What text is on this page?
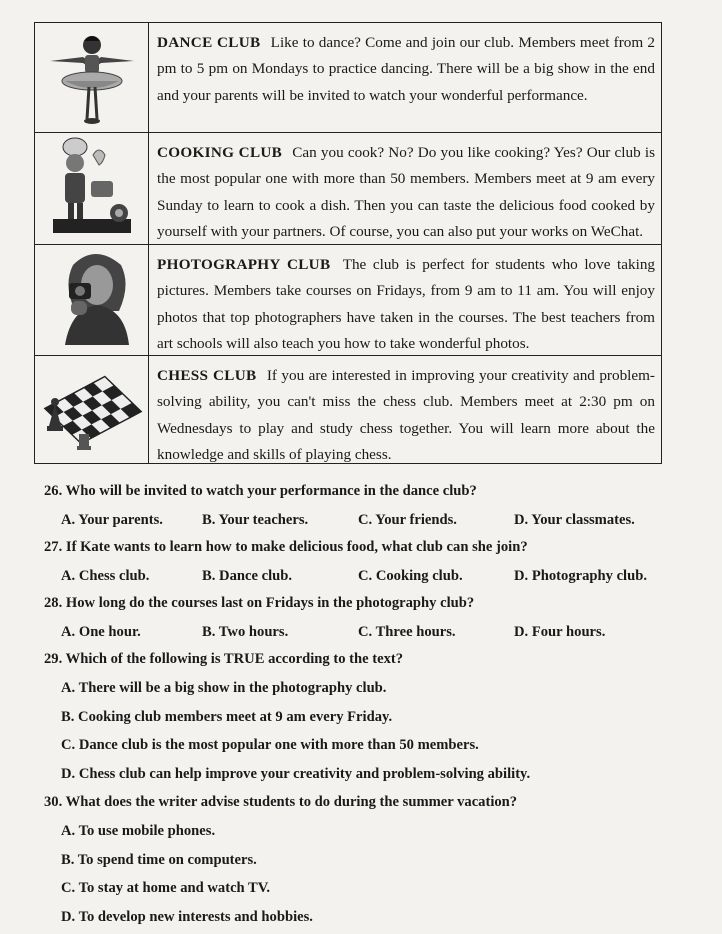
DANCE CLUB Like to dance? Come and join our club. Members meet from 2 pm to 5 pm on Mondays to practice dancing. There will be a big show in the end and your parents will be invited to watch your wonderful performance.
COOKING CLUB Can you cook? No? Do you like cooking? Yes? Our club is the most popular one with more than 50 members. Members meet at 9 am every Sunday to learn to cook a dish. Then you can taste the delicious food cooked by yourself with your partners. Of course, you can also put your works on WeChat.
PHOTOGRAPHY CLUB The club is perfect for students who love taking pictures. Members take courses on Fridays, from 9 am to 11 am. You will enjoy photos that top photographers have taken in the courses. The best teachers from art schools will also teach you how to take wonderful photos.
CHESS CLUB If you are interested in improving your creativity and problem-solving ability, you can't miss the chess club. Members meet at 2:30 pm on Wednesdays to play and study chess together. You will learn more about the knowledge and skills of playing chess.
26. Who will be invited to watch your performance in the dance club?
A. Your parents.	B. Your teachers.	C. Your friends.	D. Your classmates.
27. If Kate wants to learn how to make delicious food, what club can she join?
A. Chess club.	B. Dance club.	C. Cooking club.	D. Photography club.
28. How long do the courses last on Fridays in the photography club?
A. One hour.	B. Two hours.	C. Three hours.	D. Four hours.
29. Which of the following is TRUE according to the text?
A. There will be a big show in the photography club.
B. Cooking club members meet at 9 am every Friday.
C. Dance club is the most popular one with more than 50 members.
D. Chess club can help improve your creativity and problem-solving ability.
30. What does the writer advise students to do during the summer vacation?
A. To use mobile phones.
B. To spend time on computers.
C. To stay at home and watch TV.
D. To develop new interests and hobbies.
